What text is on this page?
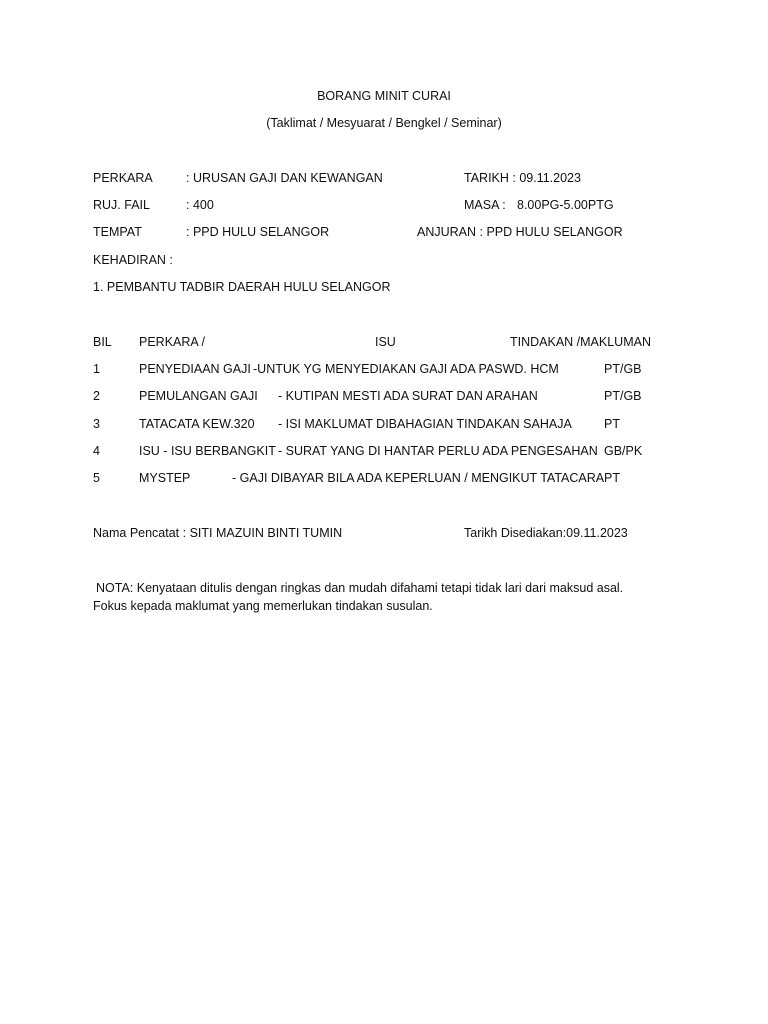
BORANG MINIT CURAI
(Taklimat / Mesyuarat / Bengkel / Seminar)
PERKARA	: URUSAN GAJI DAN KEWANGAN	TARIKH : 09.11.2023
RUJ. FAIL	: 400	MASA : 8.00PG-5.00PTG
TEMPAT	: PPD HULU SELANGOR	ANJURAN : PPD HULU SELANGOR
KEHADIRAN :
1. PEMBANTU TADBIR DAERAH HULU SELANGOR
BIL PERKARA /	ISU	TINDAKAN /MAKLUMAN
1	PENYEDIAAN GAJI -UNTUK YG MENYEDIAKAN GAJI ADA PASWD. HCM	PT/GB
2	PEMULANGAN GAJI - KUTIPAN MESTI ADA SURAT DAN ARAHAN	PT/GB
3	TATACATA KEW.320 - ISI MAKLUMAT DIBAHAGIAN TINDAKAN SAHAJA	PT
4	ISU - ISU BERBANGKIT - SURAT YANG DI HANTAR PERLU ADA PENGESAHAN GB/PK
5	MYSTEP	- GAJI DIBAYAR BILA ADA KEPERLUAN / MENGIKUT TATACARA PT
Nama Pencatat : SITI MAZUIN BINTI TUMIN	Tarikh Disediakan:09.11.2023
NOTA: Kenyataan ditulis dengan ringkas dan mudah difahami tetapi tidak lari dari maksud asal.
Fokus kepada maklumat yang memerlukan tindakan susulan.
